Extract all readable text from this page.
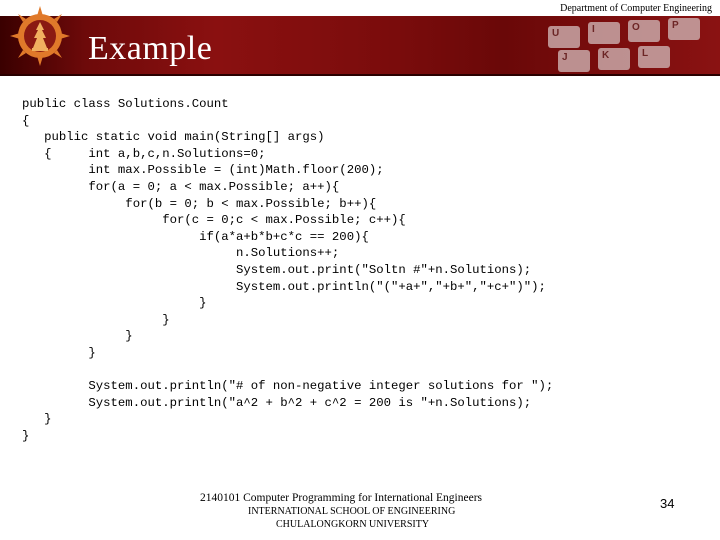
U	I	O	P
J	K	L
Department of Computer Engineering
Example
public class Solutions.Count
{
public static void main(String[] args)
{     int a,b,c,n.Solutions=0;
int max.Possible = (int)Math.floor(200);
for(a = 0; a < max.Possible; a++){
for(b = 0; b < max.Possible; b++){
for(c = 0;c < max.Possible; c++){
if(a*a+b*b+c*c == 200){
n.Solutions++;
System.out.print("Soltn #"+n.Solutions);
System.out.println("("+a+","+b+","+c+")");
}
}
}
}

System.out.println("# of non-negative integer solutions for ");
System.out.println("a^2 + b^2 + c^2 = 200 is "+n.Solutions);
}
}

2140101 Computer Programming for International Engineers
INTERNATIONAL SCHOOL OF ENGINEERING
CHULALONGKORN UNIVERSITY
34
